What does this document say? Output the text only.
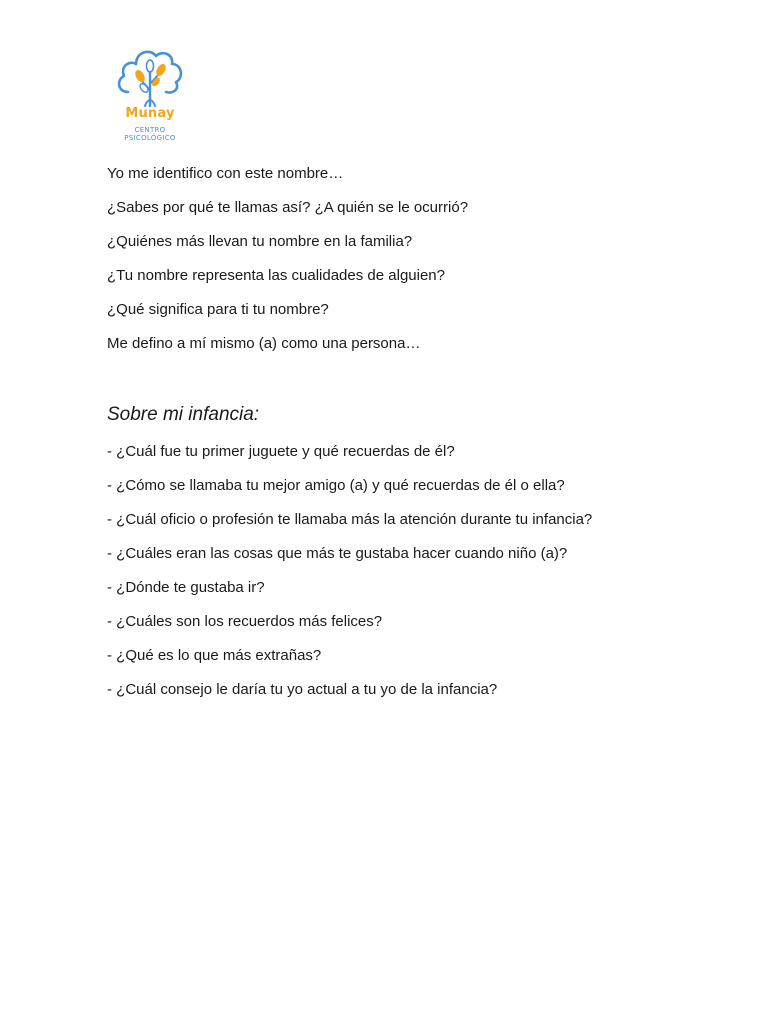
Munay
CENTRO PSICOLÓGICO

Yo me identifico con este nombre…

¿Sabes por qué te llamas así? ¿A quién se le ocurrió?

¿Quiénes más llevan tu nombre en la familia?

¿Tu nombre representa las cualidades de alguien?

¿Qué significa para ti tu nombre?

Me defino a mí mismo (a) como una persona…

Sobre mi infancia:

- ¿Cuál fue tu primer juguete y qué recuerdas de él?

- ¿Cómo se llamaba tu mejor amigo (a) y qué recuerdas de él o ella?

- ¿Cuál oficio o profesión te llamaba más la atención durante tu infancia?

- ¿Cuáles eran las cosas que más te gustaba hacer cuando niño (a)?

- ¿Dónde te gustaba ir?

- ¿Cuáles son los recuerdos más felices?

- ¿Qué es lo que más extrañas?

- ¿Cuál consejo le daría tu yo actual a tu yo de la infancia?
